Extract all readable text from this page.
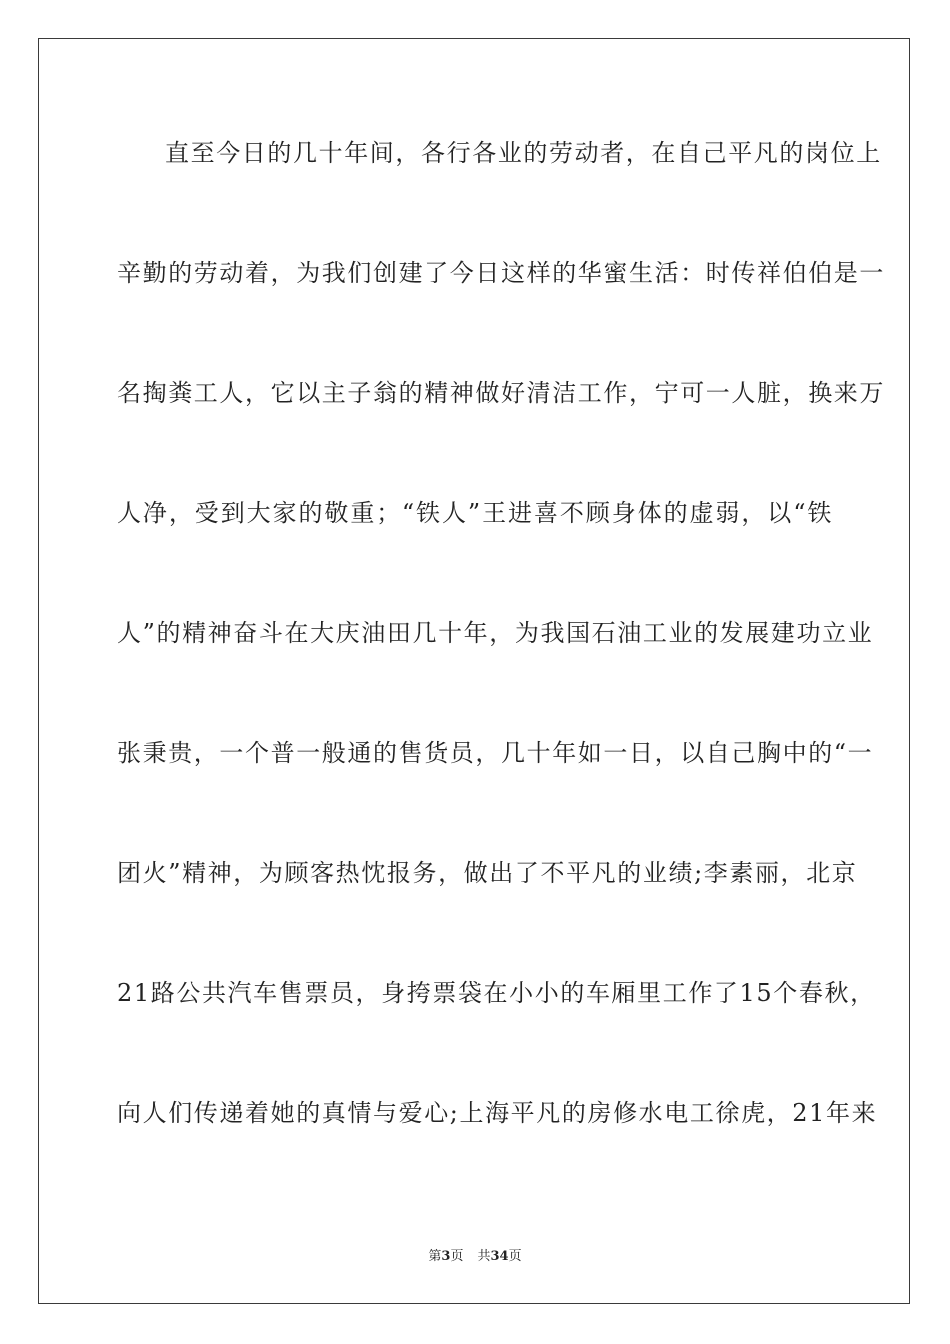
直至今日的几十年间，各行各业的劳动者，在自己平凡的岗位上
辛勤的劳动着，为我们创建了今日这样的华蜜生活：时传祥伯伯是一
名掏粪工人，它以主子翁的精神做好清洁工作，宁可一人脏，换来万
人净，受到大家的敬重；“铁人”王进喜不顾身体的虚弱，以“铁
人”的精神奋斗在大庆油田几十年，为我国石油工业的发展建功立业
张秉贵，一个普一般通的售货员，几十年如一日，以自己胸中的“一
团火”精神，为顾客热忱报务，做出了不平凡的业绩;李素丽，北京
21路公共汽车售票员，身挎票袋在小小的车厢里工作了15个春秋，
向人们传递着她的真情与爱心;上海平凡的房修水电工徐虎，21年来
第3页 共34页
